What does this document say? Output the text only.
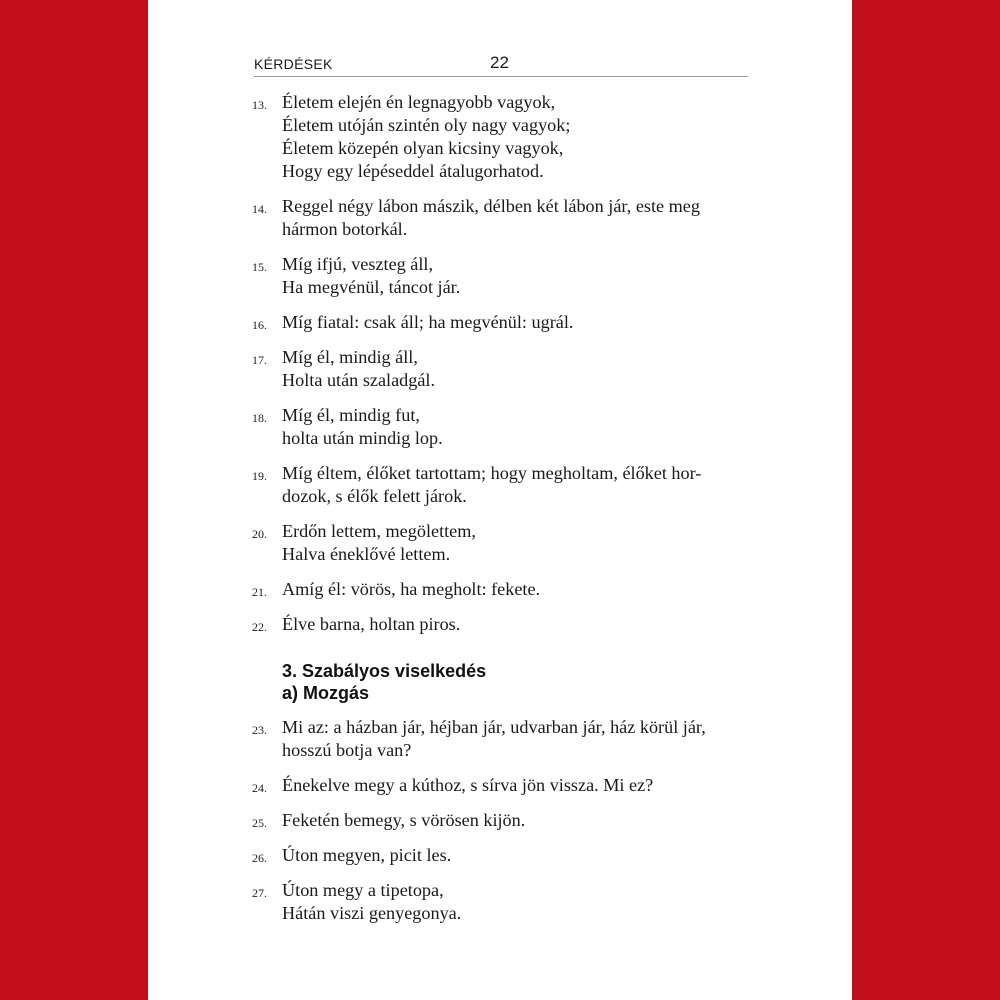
KÉRDÉSEK	22
13. Életem elején én legnagyobb vagyok,
Életem utóján szintén oly nagy vagyok;
Életem közepén olyan kicsiny vagyok,
Hogy egy lépéseddel átalugorhatod.
14. Reggel négy lábon mászik, délben két lábon jár, este meg
hármon botorkál.
15. Míg ifjú, veszteg áll,
Ha megvénül, táncot jár.
16. Míg fiatal: csak áll; ha megvénül: ugrál.
17. Míg él, mindig áll,
Holta után szaladgál.
18. Míg él, mindig fut,
holta után mindig lop.
19. Míg éltem, élőket tartottam; hogy megholtam, élőket hor-
dozok, s élők felett járok.
20. Erdőn lettem, megölettem,
Halva éneklővé lettem.
21. Amíg él: vörös, ha megholt: fekete.
22. Élve barna, holtan piros.
3. Szabályos viselkedés
a) Mozgás
23. Mi az: a házban jár, héjban jár, udvarban jár, ház körül jár,
hosszú botja van?
24. Énekelve megy a kúthoz, s sírva jön vissza. Mi ez?
25. Feketén bemegy, s vörösen kijön.
26. Úton megyen, picit les.
27. Úton megy a tipetopa,
Hátán viszi genyegonya.
